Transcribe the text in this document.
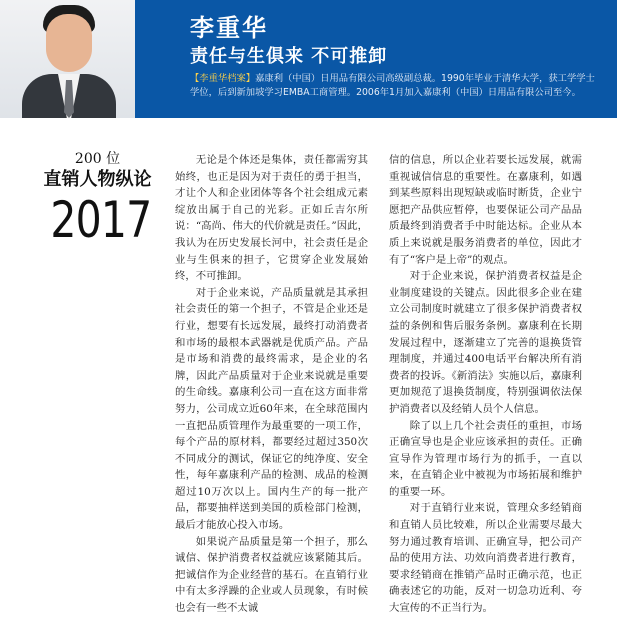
李重华
责任与生俱来 不可推卸

【李重华档案】嘉康利（中国）日用品有限公司高级副总裁。1990年毕业于清华大学，获工学学士学位，后到新加坡学习EMBA工商管理。2006年1月加入嘉康利（中国）日用品有限公司至今。

200 位
直销人物纵论
2017

无论是个体还是集体，责任都需穷其始终，也正是因为对于责任的勇于担当，才让个人和企业团体等各个社会组成元素绽放出属于自己的光彩。正如丘吉尔所说：“高尚、伟大的代价就是责任。”因此，我认为在历史发展长河中，社会责任是企业与生俱来的担子，它贯穿企业发展始终，不可推卸。

对于企业来说，产品质量就是其承担社会责任的第一个担子，不管是企业还是行业，想要有长远发展，最终打动消费者和市场的最根本武器就是优质产品。产品是市场和消费的最终需求，是企业的名牌，因此产品质量对于企业来说就是重要的生命线。嘉康利公司一直在这方面非常努力，公司成立近60年来，在全球范围内一直把品质管理作为最重要的一项工作，每个产品的原材料，都要经过超过350次不同成分的测试，保证它的纯净度、安全性，每年嘉康利产品的检测、成品的检测超过10万次以上。国内生产的每一批产品，都要抽样送到美国的质检部门检测，最后才能放心投入市场。

如果说产品质量是第一个担子，那么诚信、保护消费者权益就应该紧随其后。把诚信作为企业经营的基石。在直销行业中有太多浮躁的企业或人员现象，有时候也会有一些不太诚

信的信息，所以企业若要长远发展，就需重视诚信信息的重要性。在嘉康利，如遇到某些原料出现短缺或临时断货，企业宁愿把产品供应暂停，也要保证公司产品品质最终到消费者手中时能达标。企业从本质上来说就是服务消费者的单位，因此才有了“客户是上帝”的观点。

对于企业来说，保护消费者权益是企业制度建设的关键点。因此很多企业在建立公司制度时就建立了很多保护消费者权益的条例和售后服务条例。嘉康利在长期发展过程中，逐渐建立了完善的退换货管理制度，并通过400电话平台解决所有消费者的投诉。《新消法》实施以后，嘉康利更加规范了退换货制度，特别强调依法保护消费者以及经销人员个人信息。

除了以上几个社会责任的重担，市场正确宣导也是企业应该承担的责任。正确宣导作为管理市场行为的抓手，一直以来，在直销企业中被视为市场拓展和维护的重要一环。

对于直销行业来说，管理众多经销商和直销人员比较难，所以企业需要尽最大努力通过教育培训、正确宣导，把公司产品的使用方法、功效向消费者进行教育，要求经销商在推销产品时正确示范，也正确表述它的功能，反对一切急功近利、夸大宣传的不正当行为。
